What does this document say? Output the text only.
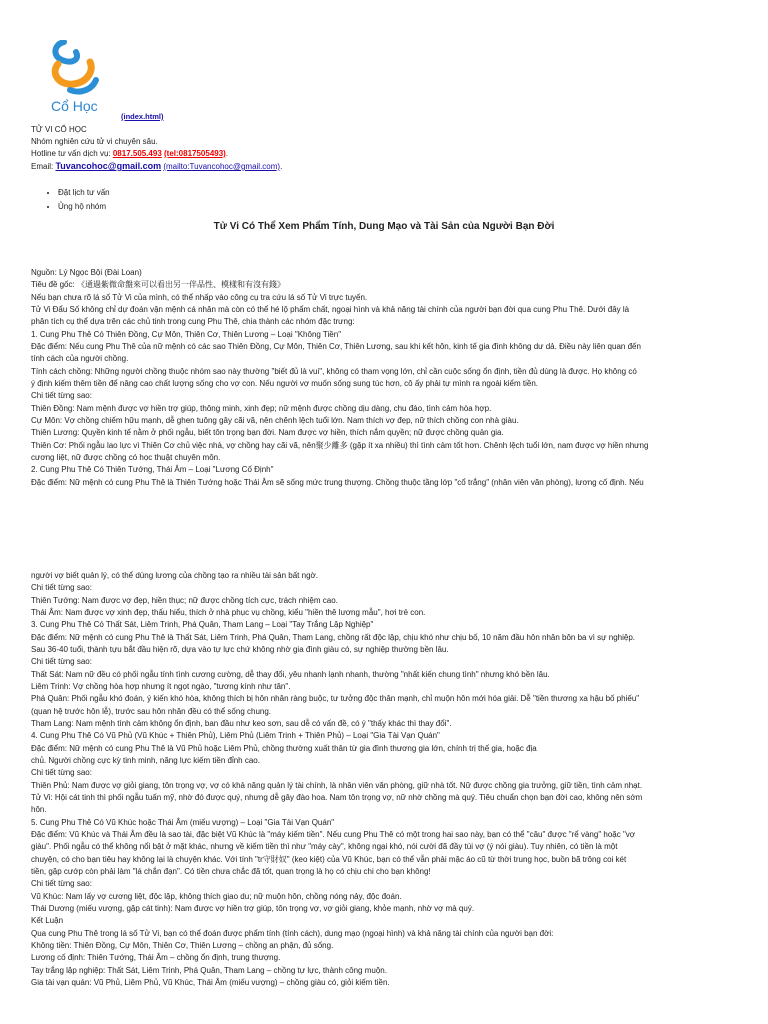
Cổ Học
(index.html)
TỬ VI CỔ HỌC
Nhóm nghiên cứu tử vi chuyên sâu.
Hotline tư vấn dịch vụ: 0817.505.493 (tel:0817505493).
Email: Tuvancohoc@gmail.com (mailto:Tuvancohoc@gmail.com).
• Đặt lịch tư vấn
• Ủng hộ nhóm
Tử Vi Có Thể Xem Phẩm Tính, Dung Mạo và Tài Sản của Người Bạn Đời

Nguồn: Lý Ngọc Bội (Đài Loan)

Tiêu đề gốc: 《通過紫微命盤來可以看出另一伴品性、模樣和有沒有錢》

Nếu bạn chưa rõ lá số Tử Vi của mình, có thể nhấp vào công cụ tra cứu lá số Tử Vi trực tuyến.

Tử Vi Đẩu Số không chỉ dự đoán vận mệnh cá nhân mà còn có thể hé lộ phẩm chất, ngoại hình và khả năng tài chính của người bạn đời qua cung Phu Thê. Dưới đây là

phân tích cụ thể dựa trên các chủ tinh trong cung Phu Thê, chia thành các nhóm đặc trưng:

1. Cung Phu Thê Có Thiên Đồng, Cự Môn, Thiên Cơ, Thiên Lương – Loại "Không Tiền"

Đặc điểm: Nếu cung Phu Thê của nữ mệnh có các sao Thiên Đồng, Cự Môn, Thiên Cơ, Thiên Lương, sau khi kết hôn, kinh tế gia đình không dư dả. Điều này liên quan đến

tính cách của người chồng.

Tính cách chồng: Những người chồng thuộc nhóm sao này thường "biết đủ là vui", không có tham vọng lớn, chỉ cần cuộc sống ổn định, tiền đủ dùng là được. Họ không có

ý định kiếm thêm tiền để nâng cao chất lượng sống cho vợ con. Nếu người vợ muốn sống sung túc hơn, cô ấy phải tự mình ra ngoài kiếm tiền.

Chi tiết từng sao:

Thiên Đồng: Nam mệnh được vợ hiền trợ giúp, thông minh, xinh đẹp; nữ mệnh được chồng dịu dàng, chu đáo, tình cảm hòa hợp.

Cự Môn: Vợ chồng chiếm hữu mạnh, dễ ghen tuông gây cãi vã, nên chênh lệch tuổi lớn. Nam thích vợ đẹp, nữ thích chồng con nhà giàu.

Thiên Lương: Quyền kinh tế nằm ở phối ngẫu, biết tôn trọng bạn đời. Nam được vợ hiền, thích nắm quyền; nữ được chồng quản gia.

Thiên Cơ: Phối ngẫu lao lực vì Thiên Cơ chủ việc nhà, vợ chồng hay cãi vã, nên聚少離多 (gặp ít xa nhiều) thì tình cảm tốt hơn. Chênh lệch tuổi lớn, nam được vợ hiền nhưng

cương liệt, nữ được chồng có học thuật chuyên môn.

2. Cung Phu Thê Có Thiên Tướng, Thái Âm – Loại "Lương Cố Định"

Đặc điểm: Nữ mệnh có cung Phu Thê là Thiên Tướng hoặc Thái Âm sẽ sống mức trung thượng. Chồng thuộc tầng lớp "cổ trắng" (nhân viên văn phòng), lương cố định. Nếu

người vợ biết quản lý, có thể dùng lương của chồng tạo ra nhiều tài sản bất ngờ.

Chi tiết từng sao:

Thiên Tướng: Nam được vợ đẹp, hiền thục; nữ được chồng tích cực, trách nhiệm cao.

Thái Âm: Nam được vợ xinh đẹp, thấu hiểu, thích ở nhà phục vụ chồng, kiểu "hiền thê lương mẫu", hơi trẻ con.

3. Cung Phu Thê Có Thất Sát, Liêm Trinh, Phá Quân, Tham Lang – Loại "Tay Trắng Lập Nghiệp"

Đặc điểm: Nữ mệnh có cung Phu Thê là Thất Sát, Liêm Trinh, Phá Quân, Tham Lang, chồng rất độc lập, chịu khó như chịu bố, 10 năm đầu hôn nhân bôn ba vì sự nghiệp.

Sau 36-40 tuổi, thành tựu bắt đầu hiện rõ, dựa vào tự lực chứ không nhờ gia đình giàu có, sự nghiệp thường bền lâu.

Chi tiết từng sao:

Thất Sát: Nam nữ đều có phối ngẫu tính tình cương cường, dễ thay đổi, yêu nhanh lạnh nhanh, thường "nhất kiến chung tình" nhưng khó bền lâu.

Liêm Trinh: Vợ chồng hòa hợp nhưng ít ngọt ngào, "tương kính như tân".

Phá Quân: Phối ngẫu khó đoán, ý kiến khó hòa, không thích bị hôn nhân ràng buộc, tư tưởng độc thân mạnh, chỉ muộn hôn mới hóa giải. Dễ "tiền thương xa hậu bố phiếu"

(quan hệ trước hôn lễ), trước sau hôn nhân đều có thể sống chung.

Tham Lang: Nam mệnh tình cảm không ổn định, ban đầu như keo sơn, sau dễ có vấn đề, có ý "thấy khác thì thay đổi".

4. Cung Phu Thê Có Vũ Phủ (Vũ Khúc + Thiên Phủ), Liêm Phủ (Liêm Trinh + Thiên Phủ) – Loại "Gia Tài Vạn Quán"

Đặc điểm: Nữ mệnh có cung Phu Thê là Vũ Phủ hoặc Liêm Phủ, chồng thường xuất thân từ gia đình thương gia lớn, chính trị thế gia, hoặc địa

chủ. Người chồng cực kỳ tinh minh, năng lực kiếm tiền đỉnh cao.

Chi tiết từng sao:

Thiên Phủ: Nam được vợ giỏi giang, tôn trọng vợ, vợ có khả năng quản lý tài chính, là nhân viên văn phòng, giữ nhà tốt. Nữ được chồng gia trưởng, giữ tiền, tình cảm nhạt.

Tử Vi: Hội cát tinh thì phối ngẫu tuấn mỹ, nhờ đó được quý, nhưng dễ gây đào hoa. Nam tôn trọng vợ, nữ nhờ chồng mà quý. Tiêu chuẩn chọn bạn đời cao, không nên sớm

hôn.

5. Cung Phu Thê Có Vũ Khúc hoặc Thái Âm (miếu vượng) – Loại "Gia Tài Vạn Quán"

Đặc điểm: Vũ Khúc và Thái Âm đều là sao tài, đặc biệt Vũ Khúc là "máy kiếm tiền". Nếu cung Phu Thê có một trong hai sao này, bạn có thể "câu" được "rể vàng" hoặc "vợ

giàu". Phối ngẫu có thể không nổi bật ở mặt khác, nhưng về kiếm tiền thì như "máy cày", không ngại khó, nói cười đã đầy túi vợ (ý nói giàu). Tuy nhiên, có tiền là một

chuyện, có cho bạn tiêu hay không lại là chuyện khác. Với tính "tr守財奴" (keo kiệt) của Vũ Khúc, bạn có thể vẫn phải mặc áo cũ từ thời trung học, buồn bã trông coi két

tiền, gặp cướp còn phải làm "lá chắn đạn". Có tiền chưa chắc đã tốt, quan trọng là họ có chịu chi cho bạn không!

Chi tiết từng sao:

Vũ Khúc: Nam lấy vợ cương liệt, độc lập, không thích giao du; nữ muộn hôn, chồng nóng nảy, độc đoán.

Thái Dương (miếu vượng, gặp cát tinh): Nam được vợ hiền trợ giúp, tôn trọng vợ, vợ giỏi giang, khỏe mạnh, nhờ vợ mà quý.

Kết Luận

Qua cung Phu Thê trong lá số Tử Vi, bạn có thể đoán được phẩm tính (tính cách), dung mạo (ngoại hình) và khả năng tài chính của người bạn đời:

Không tiền: Thiên Đồng, Cự Môn, Thiên Cơ, Thiên Lương – chồng an phận, đủ sống.

Lương cố định: Thiên Tướng, Thái Âm – chồng ổn định, trung thượng.

Tay trắng lập nghiệp: Thất Sát, Liêm Trinh, Phá Quân, Tham Lang – chồng tự lực, thành công muộn.

Gia tài vạn quán: Vũ Phủ, Liêm Phủ, Vũ Khúc, Thái Âm (miếu vượng) – chồng giàu có, giỏi kiếm tiền.
